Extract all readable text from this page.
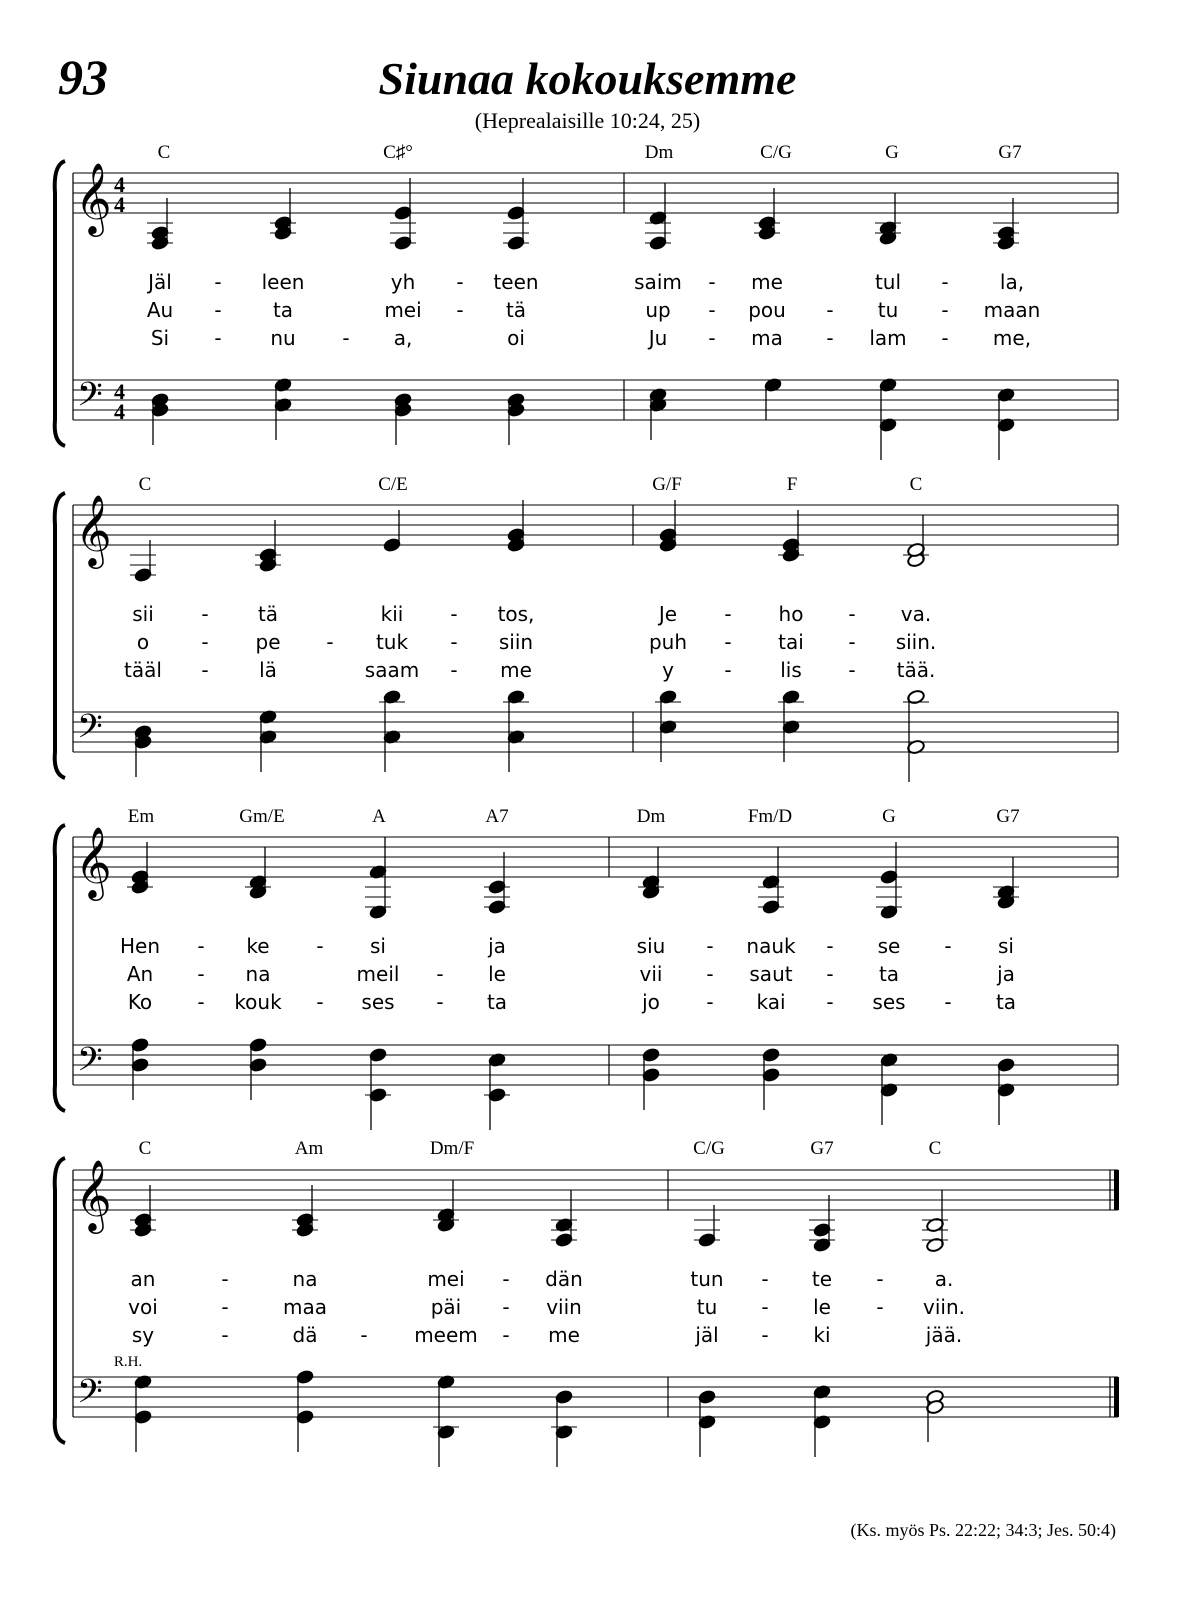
93	Siunaa kokouksemme
(Heprealaisille 10:24, 25)
𝄞
𝄢
4
4
4
4
C	C♯°	Dm	C/G	G	G7
Jäl - leen	yh - teen	saim - me	tul -	la,
Au -	ta	mei - tä	up - pou - tu - maan
Si - nu - a,	oi	Ju - ma - lam - me,
𝄞
𝄢
C	C/E	G/F	F	C
sii - tä	kii - tos,	Je - ho - va.
o	- pe - tuk - siin	puh - tai - siin.
tääl -	lä	saam - me	y	- lis - tää.
𝄞
𝄢
Em	Gm/E	A	A7	Dm	Fm/D	G	G7
Hen - ke - si	ja	siu - nauk - se - si
An - na	meil - le	vii - saut - ta	ja
Ko - kouk - ses - ta	jo - kai - ses - ta
𝄞
𝄢
C	Am	Dm/F	C/G	G7	C
an	-	na	mei - dän	tun - te -	a.
voi	-	maa	päi - viin	tu - le - viin.
sy	-	dä - meem - me	jäl - ki	jää.
R.H.
(Ks. myös Ps. 22:22; 34:3; Jes. 50:4)
